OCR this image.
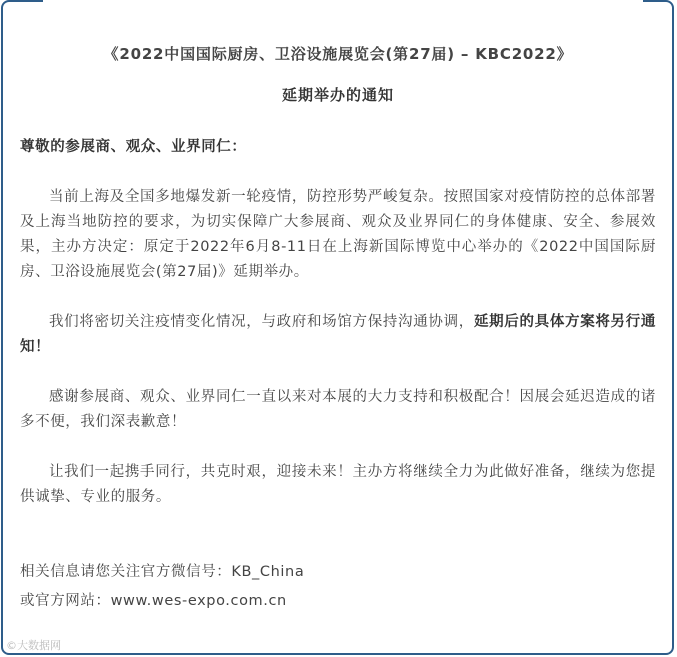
《2022中国国际厨房、卫浴设施展览会(第27届) – KBC2022》
延期举办的通知
尊敬的参展商、观众、业界同仁：
当前上海及全国多地爆发新一轮疫情，防控形势严峻复杂。按照国家对疫情防控的总体部署及上海当地防控的要求，为切实保障广大参展商、观众及业界同仁的身体健康、安全、参展效果，主办方决定：原定于2022年6月8-11日在上海新国际博览中心举办的《2022中国国际厨房、卫浴设施展览会(第27届)》延期举办。
我们将密切关注疫情变化情况，与政府和场馆方保持沟通协调，延期后的具体方案将另行通知！
感谢参展商、观众、业界同仁一直以来对本展的大力支持和积极配合！因展会延迟造成的诸多不便，我们深表歉意！
让我们一起携手同行，共克时艰，迎接未来！主办方将继续全力为此做好准备，继续为您提供诚挚、专业的服务。
相关信息请您关注官方微信号：KB_China
或官方网站：www.wes-expo.com.cn
©大数据网
